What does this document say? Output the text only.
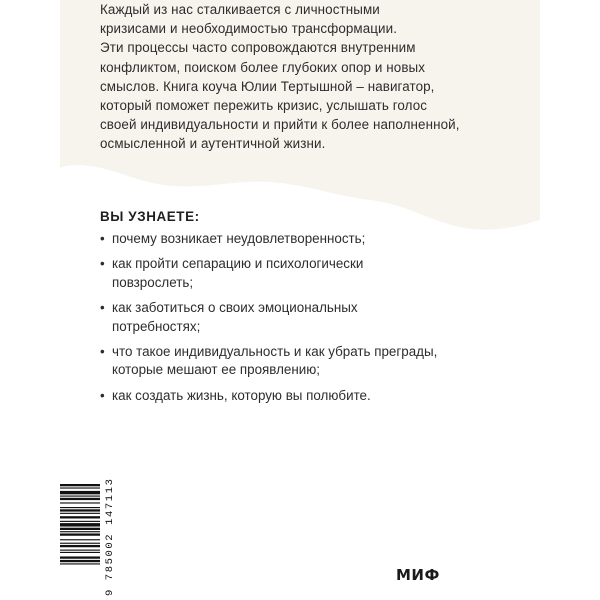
Каждый из нас сталкивается с личностными

кризисами и необходимостью трансформации.

Эти процессы часто сопровождаются внутренним

конфликтом, поиском более глубоких опор и новых

смыслов. Книга коуча Юлии Тертышной – навигатор,

который поможет пережить кризис, услышать голос

своей индивидуальности и прийти к более наполненной,

осмысленной и аутентичной жизни.

ВЫ УЗНАЕТЕ:
• почему возникает неудовлетворенность;
• как пройти сепарацию и психологически
повзрослеть;
• как заботиться о своих эмоциональных
потребностях;
• что такое индивидуальность и как убрать преграды,
которые мешают ее проявлению;
• как создать жизнь, которую вы полюбите.
9 785002 147113	МИФ
